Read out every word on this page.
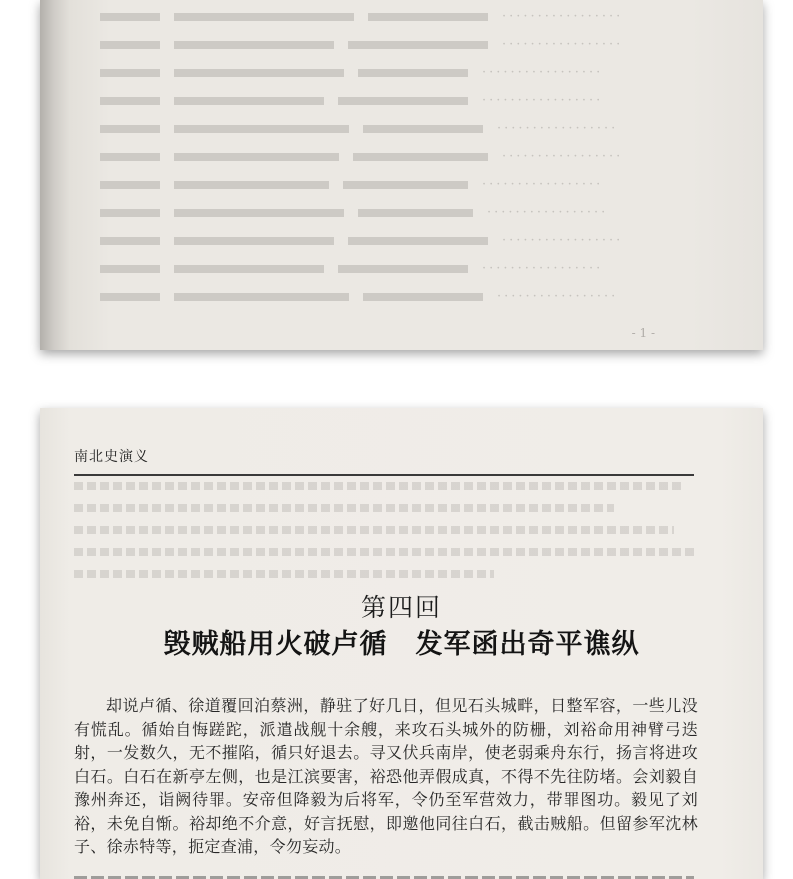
·················
·················
·················
·················
·················
·················
·················
·················
·················
·················
·················
- 1 -
南北史演义
第四回
毁贼船用火破卢循　发军函出奇平谯纵
却说卢循、徐道覆回泊蔡洲，静驻了好几日，但见石头城畔，日整军容，一些儿没有慌乱。循始自悔蹉跎，派遣战舰十余艘，来攻石头城外的防栅，刘裕命用神臂弓迭射，一发数久，无不摧陷，循只好退去。寻又伏兵南岸，使老弱乘舟东行，扬言将进攻白石。白石在新亭左侧，也是江滨要害，裕恐他弄假成真，不得不先往防堵。会刘毅自豫州奔还，诣阙待罪。安帝但降毅为后将军，令仍至军营效力，带罪图功。毅见了刘裕，未免自惭。裕却绝不介意，好言抚慰，即邀他同往白石，截击贼船。但留参军沈林子、徐赤特等，扼定查浦，令勿妄动。
